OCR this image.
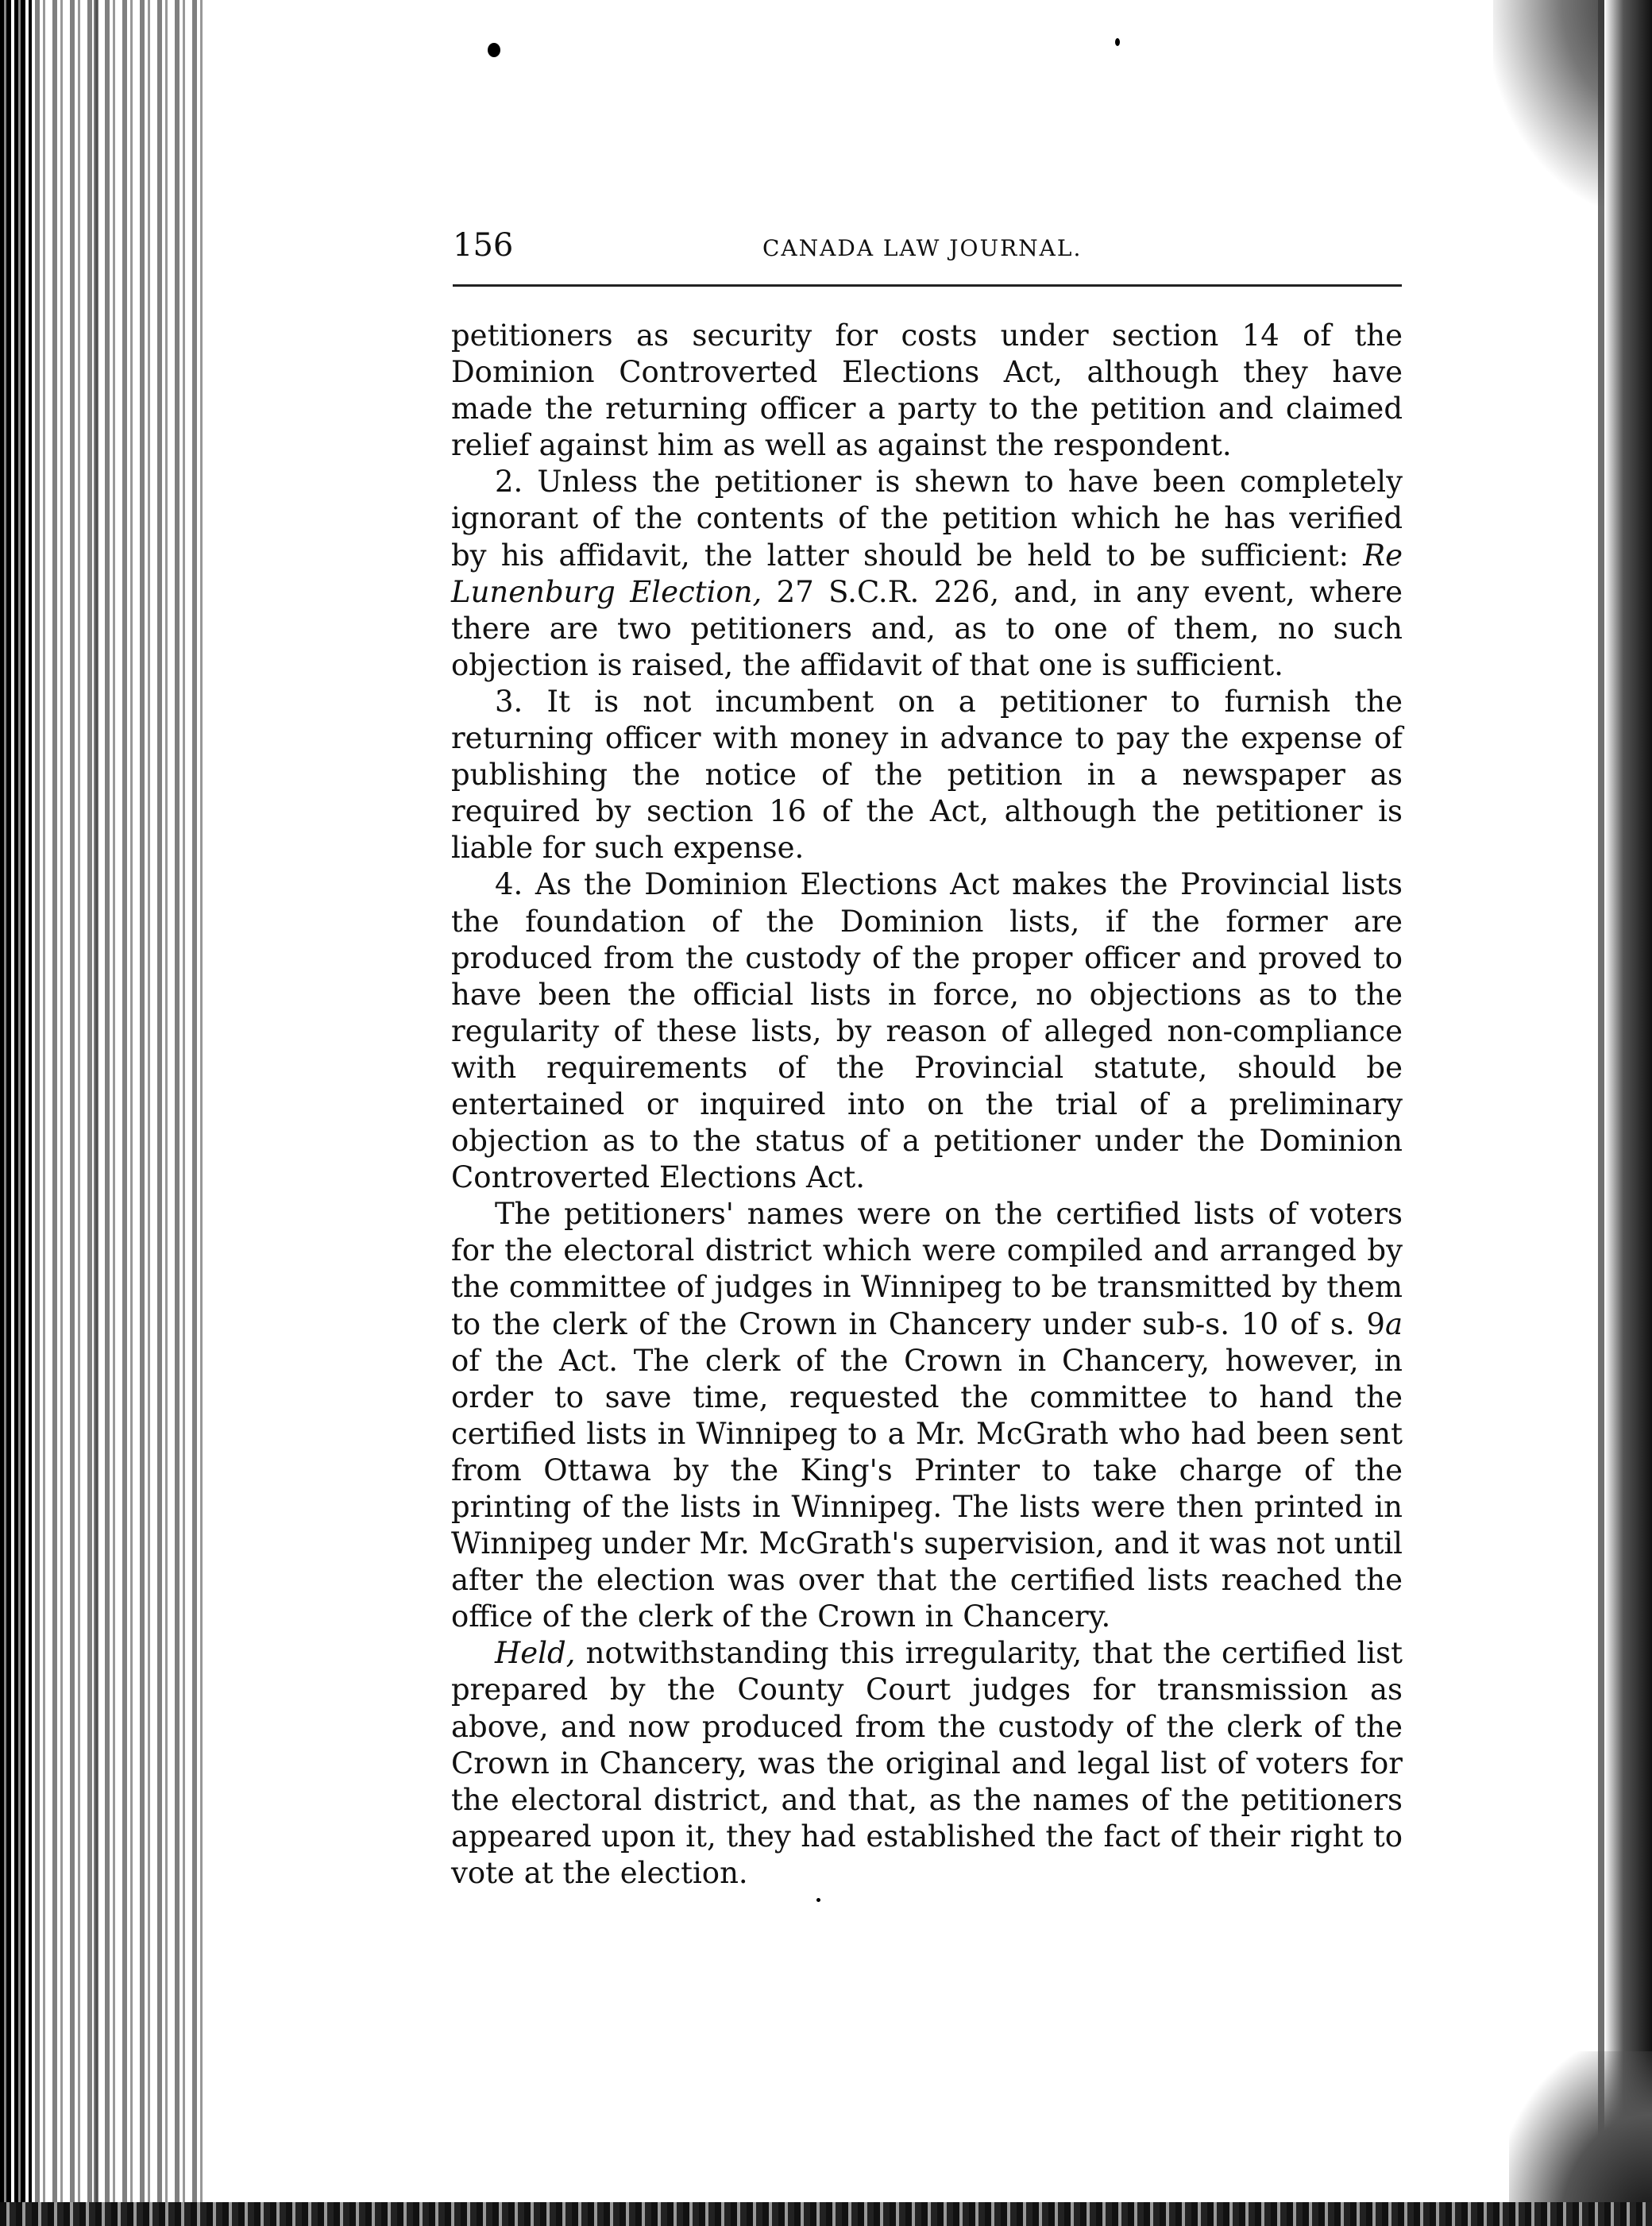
156	CANADA LAW JOURNAL.

petitioners as security for costs under section 14 of the Dominion Controverted Elections Act, although they have made the returning officer a party to the petition and claimed relief against him as well as against the respondent.

2. Unless the petitioner is shewn to have been completely ignorant of the contents of the petition which he has verified by his affidavit, the latter should be held to be sufficient: Re Lunenburg Election, 27 S.C.R. 226, and, in any event, where there are two petitioners and, as to one of them, no such objection is raised, the affidavit of that one is sufficient.

3. It is not incumbent on a petitioner to furnish the returning officer with money in advance to pay the expense of publishing the notice of the petition in a newspaper as required by section 16 of the Act, although the petitioner is liable for such expense.

4. As the Dominion Elections Act makes the Provincial lists the foundation of the Dominion lists, if the former are produced from the custody of the proper officer and proved to have been the official lists in force, no objections as to the regularity of these lists, by reason of alleged non-compliance with requirements of the Provincial statute, should be entertained or inquired into on the trial of a preliminary objection as to the status of a petitioner under the Dominion Controverted Elections Act.

The petitioners' names were on the certified lists of voters for the electoral district which were compiled and arranged by the committee of judges in Winnipeg to be transmitted by them to the clerk of the Crown in Chancery under sub-s. 10 of s. 9a of the Act. The clerk of the Crown in Chancery, however, in order to save time, requested the committee to hand the certified lists in Winnipeg to a Mr. McGrath who had been sent from Ottawa by the King's Printer to take charge of the printing of the lists in Winnipeg. The lists were then printed in Winnipeg under Mr. McGrath's supervision, and it was not until after the election was over that the certified lists reached the office of the clerk of the Crown in Chancery.

Held, notwithstanding this irregularity, that the certified list prepared by the County Court judges for transmission as above, and now produced from the custody of the clerk of the Crown in Chancery, was the original and legal list of voters for the electoral district, and that, as the names of the petitioners appeared upon it, they had established the fact of their right to vote at the election.
